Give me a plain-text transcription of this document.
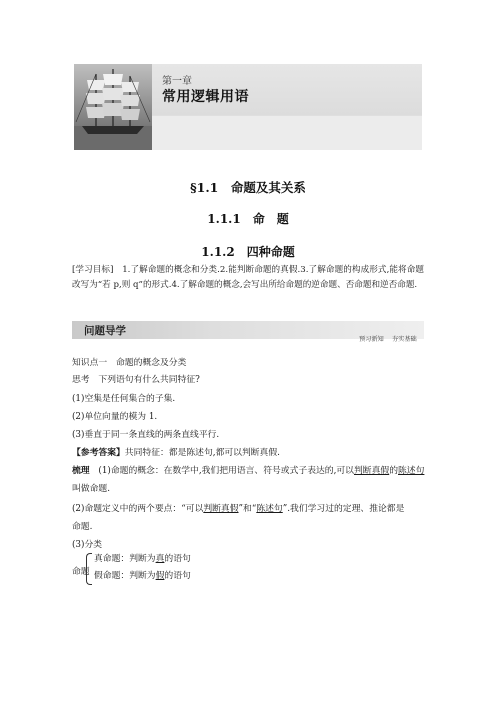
第一章
常用逻辑用语
§1.1　命题及其关系
1.1.1　命　题
1.1.2　四种命题
[学习目标]　1.了解命题的概念和分类.2.能判断命题的真假.3.了解命题的构成形式,能将命题改写为“若 p,则 q”的形式.4.了解命题的概念,会写出所给命题的逆命题、否命题和逆否命题.
问题导学
预习新知 夯实基础
知识点一　命题的概念及分类
思考　下列语句有什么共同特征?
(1)空集是任何集合的子集.
(2)单位向量的模为 1.
(3)垂直于同一条直线的两条直线平行.
【参考答案】共同特征：都是陈述句,都可以判断真假.
梳理　(1)命题的概念：在数学中,我们把用语言、符号或式子表达的,可以判断真假的陈述句
叫做命题.
(2)命题定义中的两个要点：“可以判断真假”和“陈述句”.我们学习过的定理、推论都是
命题.
(3)分类
命题
真命题：判断为真的语句
假命题：判断为假的语句
